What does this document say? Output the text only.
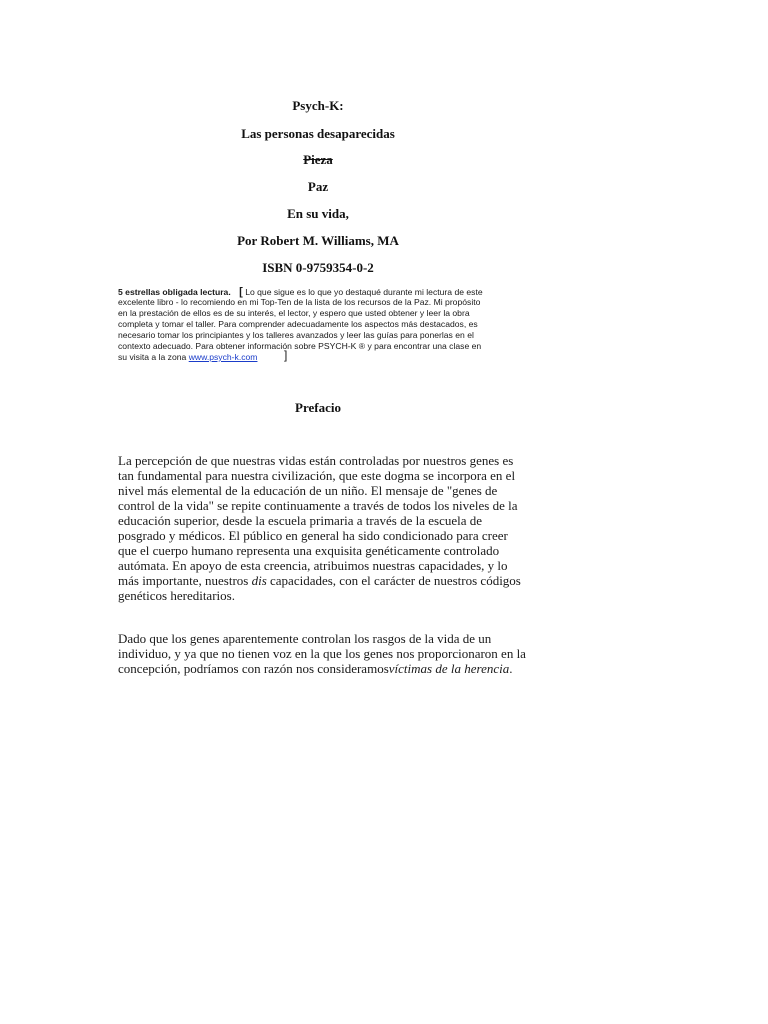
Psych-K:
Las personas desaparecidas
Pieza
Paz
En su vida,
Por Robert M. Williams, MA
ISBN 0-9759354-0-2
5 estrellas obligada lectura. [ Lo que sigue es lo que yo destaqué durante mi lectura de este
excelente libro - lo recomiendo en mi Top-Ten de la lista de los recursos de la Paz. Mi propósito
en la prestación de ellos es de su interés, el lector, y espero que usted obtener y leer la obra
completa y tomar el taller. Para comprender adecuadamente los aspectos más destacados, es
necesario tomar los principiantes y los talleres avanzados y leer las guías para ponerlas en el
contexto adecuado. Para obtener información sobre PSYCH-K ® y para encontrar una clase en
su visita a la zona www.psych-k.com ]
Prefacio
La percepción de que nuestras vidas están controladas por nuestros genes es
tan fundamental para nuestra civilización, que este dogma se incorpora en el
nivel más elemental de la educación de un niño. El mensaje de "genes de
control de la vida" se repite continuamente a través de todos los niveles de la
educación superior, desde la escuela primaria a través de la escuela de
posgrado y médicos. El público en general ha sido condicionado para creer
que el cuerpo humano representa una exquisita genéticamente controlado
autómata. En apoyo de esta creencia, atribuimos nuestras capacidades, y lo
más importante, nuestros dis capacidades, con el carácter de nuestros códigos
genéticos hereditarios.
Dado que los genes aparentemente controlan los rasgos de la vida de un
individuo, y ya que no tienen voz en la que los genes nos proporcionaron en la
concepción, podríamos con razón nos consideramosvíctimas de la herencia.
